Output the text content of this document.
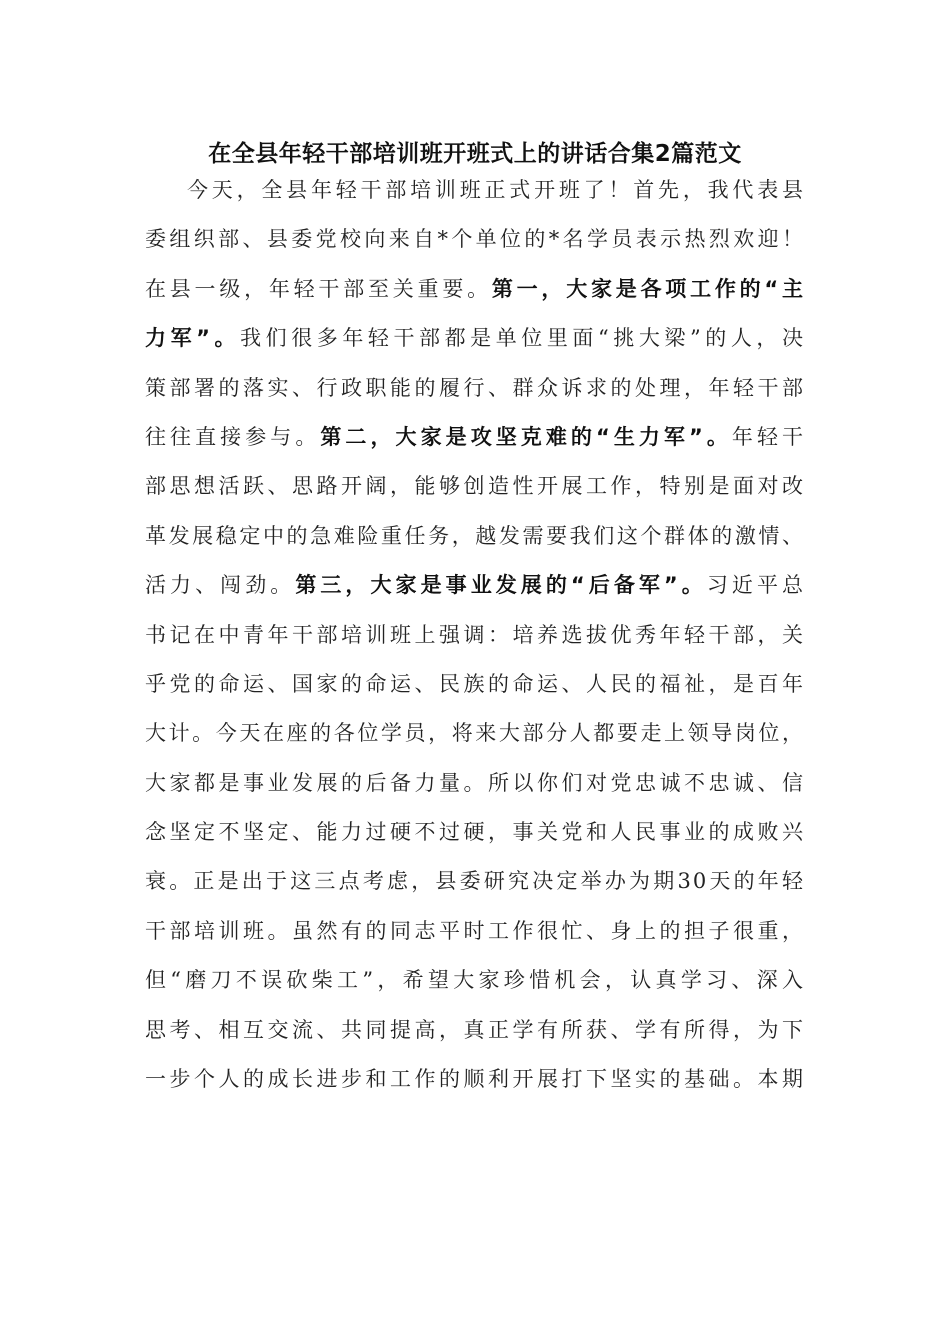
在全县年轻干部培训班开班式上的讲话合集2篇范文
今天，全县年轻干部培训班正式开班了！首先，我代表县
委组织部、县委党校向来自*个单位的*名学员表示热烈欢迎！
在县一级，年轻干部至关重要。第一，大家是各项工作的“主
力军”。我们很多年轻干部都是单位里面“挑大梁”的人，决
策部署的落实、行政职能的履行、群众诉求的处理，年轻干部
往往直接参与。第二，大家是攻坚克难的“生力军”。年轻干
部思想活跃、思路开阔，能够创造性开展工作，特别是面对改
革发展稳定中的急难险重任务，越发需要我们这个群体的激情、
活力、闯劲。第三，大家是事业发展的“后备军”。习近平总
书记在中青年干部培训班上强调：培养选拔优秀年轻干部，关
乎党的命运、国家的命运、民族的命运、人民的福祉，是百年
大计。今天在座的各位学员，将来大部分人都要走上领导岗位，
大家都是事业发展的后备力量。所以你们对党忠诚不忠诚、信
念坚定不坚定、能力过硬不过硬，事关党和人民事业的成败兴
衰。正是出于这三点考虑，县委研究决定举办为期30天的年轻
干部培训班。虽然有的同志平时工作很忙、身上的担子很重，
但“磨刀不误砍柴工”，希望大家珍惜机会，认真学习、深入
思考、相互交流、共同提高，真正学有所获、学有所得，为下
一步个人的成长进步和工作的顺利开展打下坚实的基础。本期
